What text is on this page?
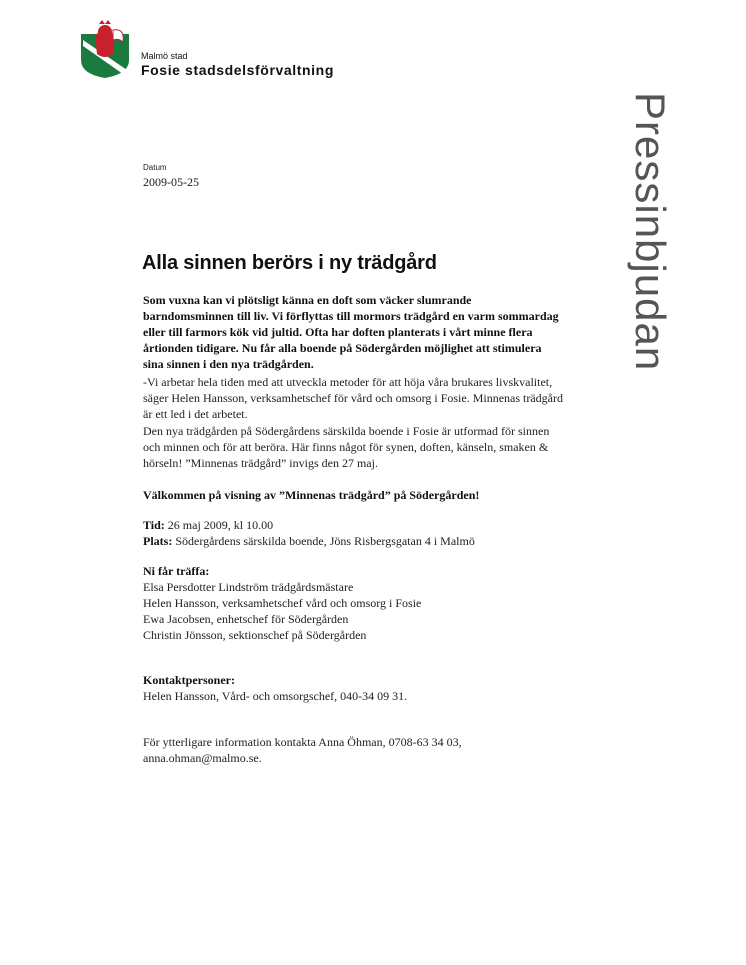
Malmö stad
Fosie stadsdelsförvaltning
Pressinbjudan
Datum
2009-05-25
Alla sinnen berörs i ny trädgård
Som vuxna kan vi plötsligt känna en doft som väcker slumrande barndomsminnen till liv. Vi förflyttas till mormors trädgård en varm sommardag eller till farmors kök vid jultid. Ofta har doften planterats i vårt minne flera årtionden tidigare. Nu får alla boende på Södergården möjlighet att stimulera sina sinnen i den nya trädgården.
-Vi arbetar hela tiden med att utveckla metoder för att höja våra brukares livskvalitet, säger Helen Hansson, verksamhetschef för vård och omsorg i Fosie. Minnenas trädgård är ett led i det arbetet.
Den nya trädgården på Södergårdens särskilda boende i Fosie är utformad för sinnen och minnen och för att beröra. Här finns något för synen, doften, känseln, smaken & hörseln! ”Minnenas trädgård” invigs den 27 maj.
Välkommen på visning av ”Minnenas trädgård” på Södergården!

Tid: 26 maj 2009, kl 10.00

Plats: Södergårdens särskilda boende, Jöns Risbergsgatan 4 i Malmö

Ni får träffa:

Elsa Persdotter Lindström trädgårdsmästare

Helen Hansson, verksamhetschef vård och omsorg i Fosie

Ewa Jacobsen, enhetschef för Södergården

Christin Jönsson, sektionschef på Södergården

Kontaktpersoner:

Helen Hansson, Vård- och omsorgschef, 040-34 09 31.

För ytterligare information kontakta Anna Öhman, 0708-63 34 03,

anna.ohman@malmo.se.
